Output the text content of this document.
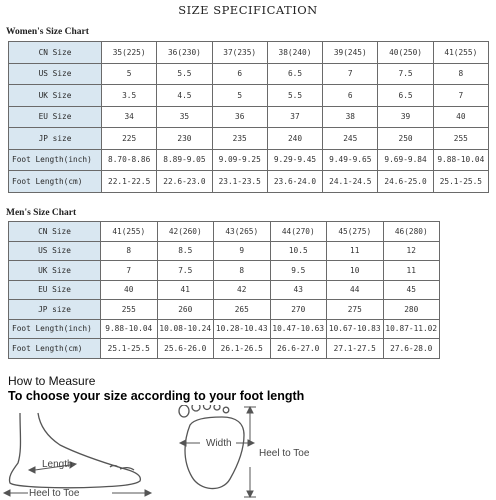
SIZE SPECIFICATION
Women's Size Chart
CN Size	35(225)	36(230)	37(235)	38(240)	39(245)	40(250)	41(255)
US Size	5	5.5	6	6.5	7	7.5	8
UK Size	3.5	4.5	5	5.5	6	6.5	7
EU Size	34	35	36	37	38	39	40
JP size	225	230	235	240	245	250	255
Foot Length(inch)	8.70-8.86	8.89-9.05	9.09-9.25	9.29-9.45	9.49-9.65	9.69-9.84	9.88-10.04
Foot Length(cm)	22.1-22.5	22.6-23.0	23.1-23.5	23.6-24.0	24.1-24.5	24.6-25.0	25.1-25.5
Men's Size Chart
CN Size	41(255)	42(260)	43(265)	44(270)	45(275)	46(280)
US Size	8	8.5	9	10.5	11	12
UK Size	7	7.5	8	9.5	10	11
EU Size	40	41	42	43	44	45
JP size	255	260	265	270	275	280
Foot Length(inch)	9.88-10.04	10.08-10.24	10.28-10.43	10.47-10.63	10.67-10.83	10.87-11.02
Foot Length(cm)	25.1-25.5	25.6-26.0	26.1-26.5	26.6-27.0	27.1-27.5	27.6-28.0
How to Measure
To choose your size according to your foot length
Length
Heel to Toe
Width
Heel to Toe
